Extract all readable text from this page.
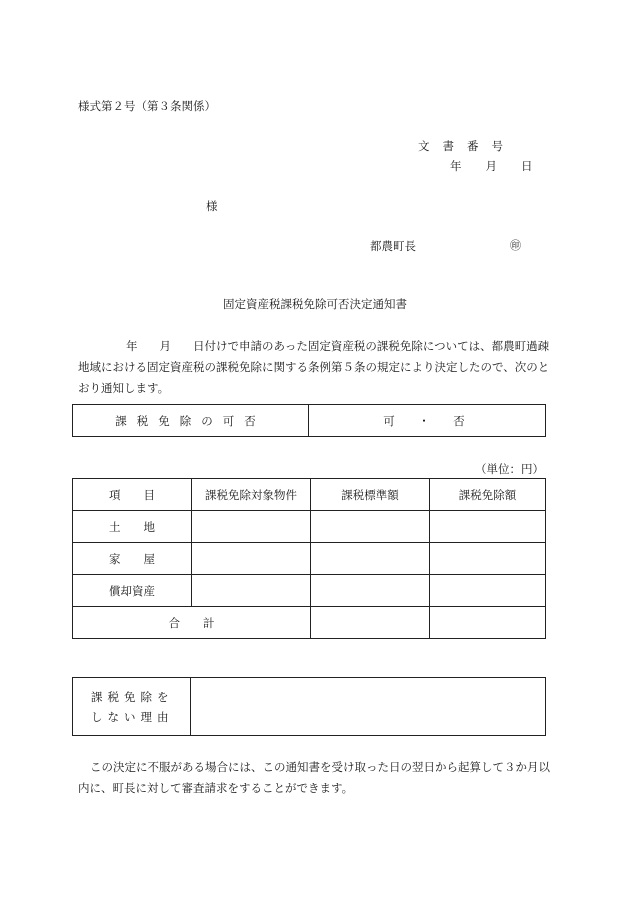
様式第２号（第３条関係）
文書番号
年 月 日
様
都農町長	㊞
固定資産税課税免除可否決定通知書
年 月 日付けで申請のあった固定資産税の課税免除については、都農町過疎地域における固定資産税の課税免除に関する条例第５条の規定により決定したので、次のとおり通知します。
課税免除の可否	可　・　否
（単位：円）
項　　目	課税免除対象物件	課税標準額	課税免除額
土　　地			
家　　屋			
償却資産			
合　　計			
課税免除を
しない理由	
この決定に不服がある場合には、この通知書を受け取った日の翌日から起算して３か月以内に、町長に対して審査請求をすることができます。
